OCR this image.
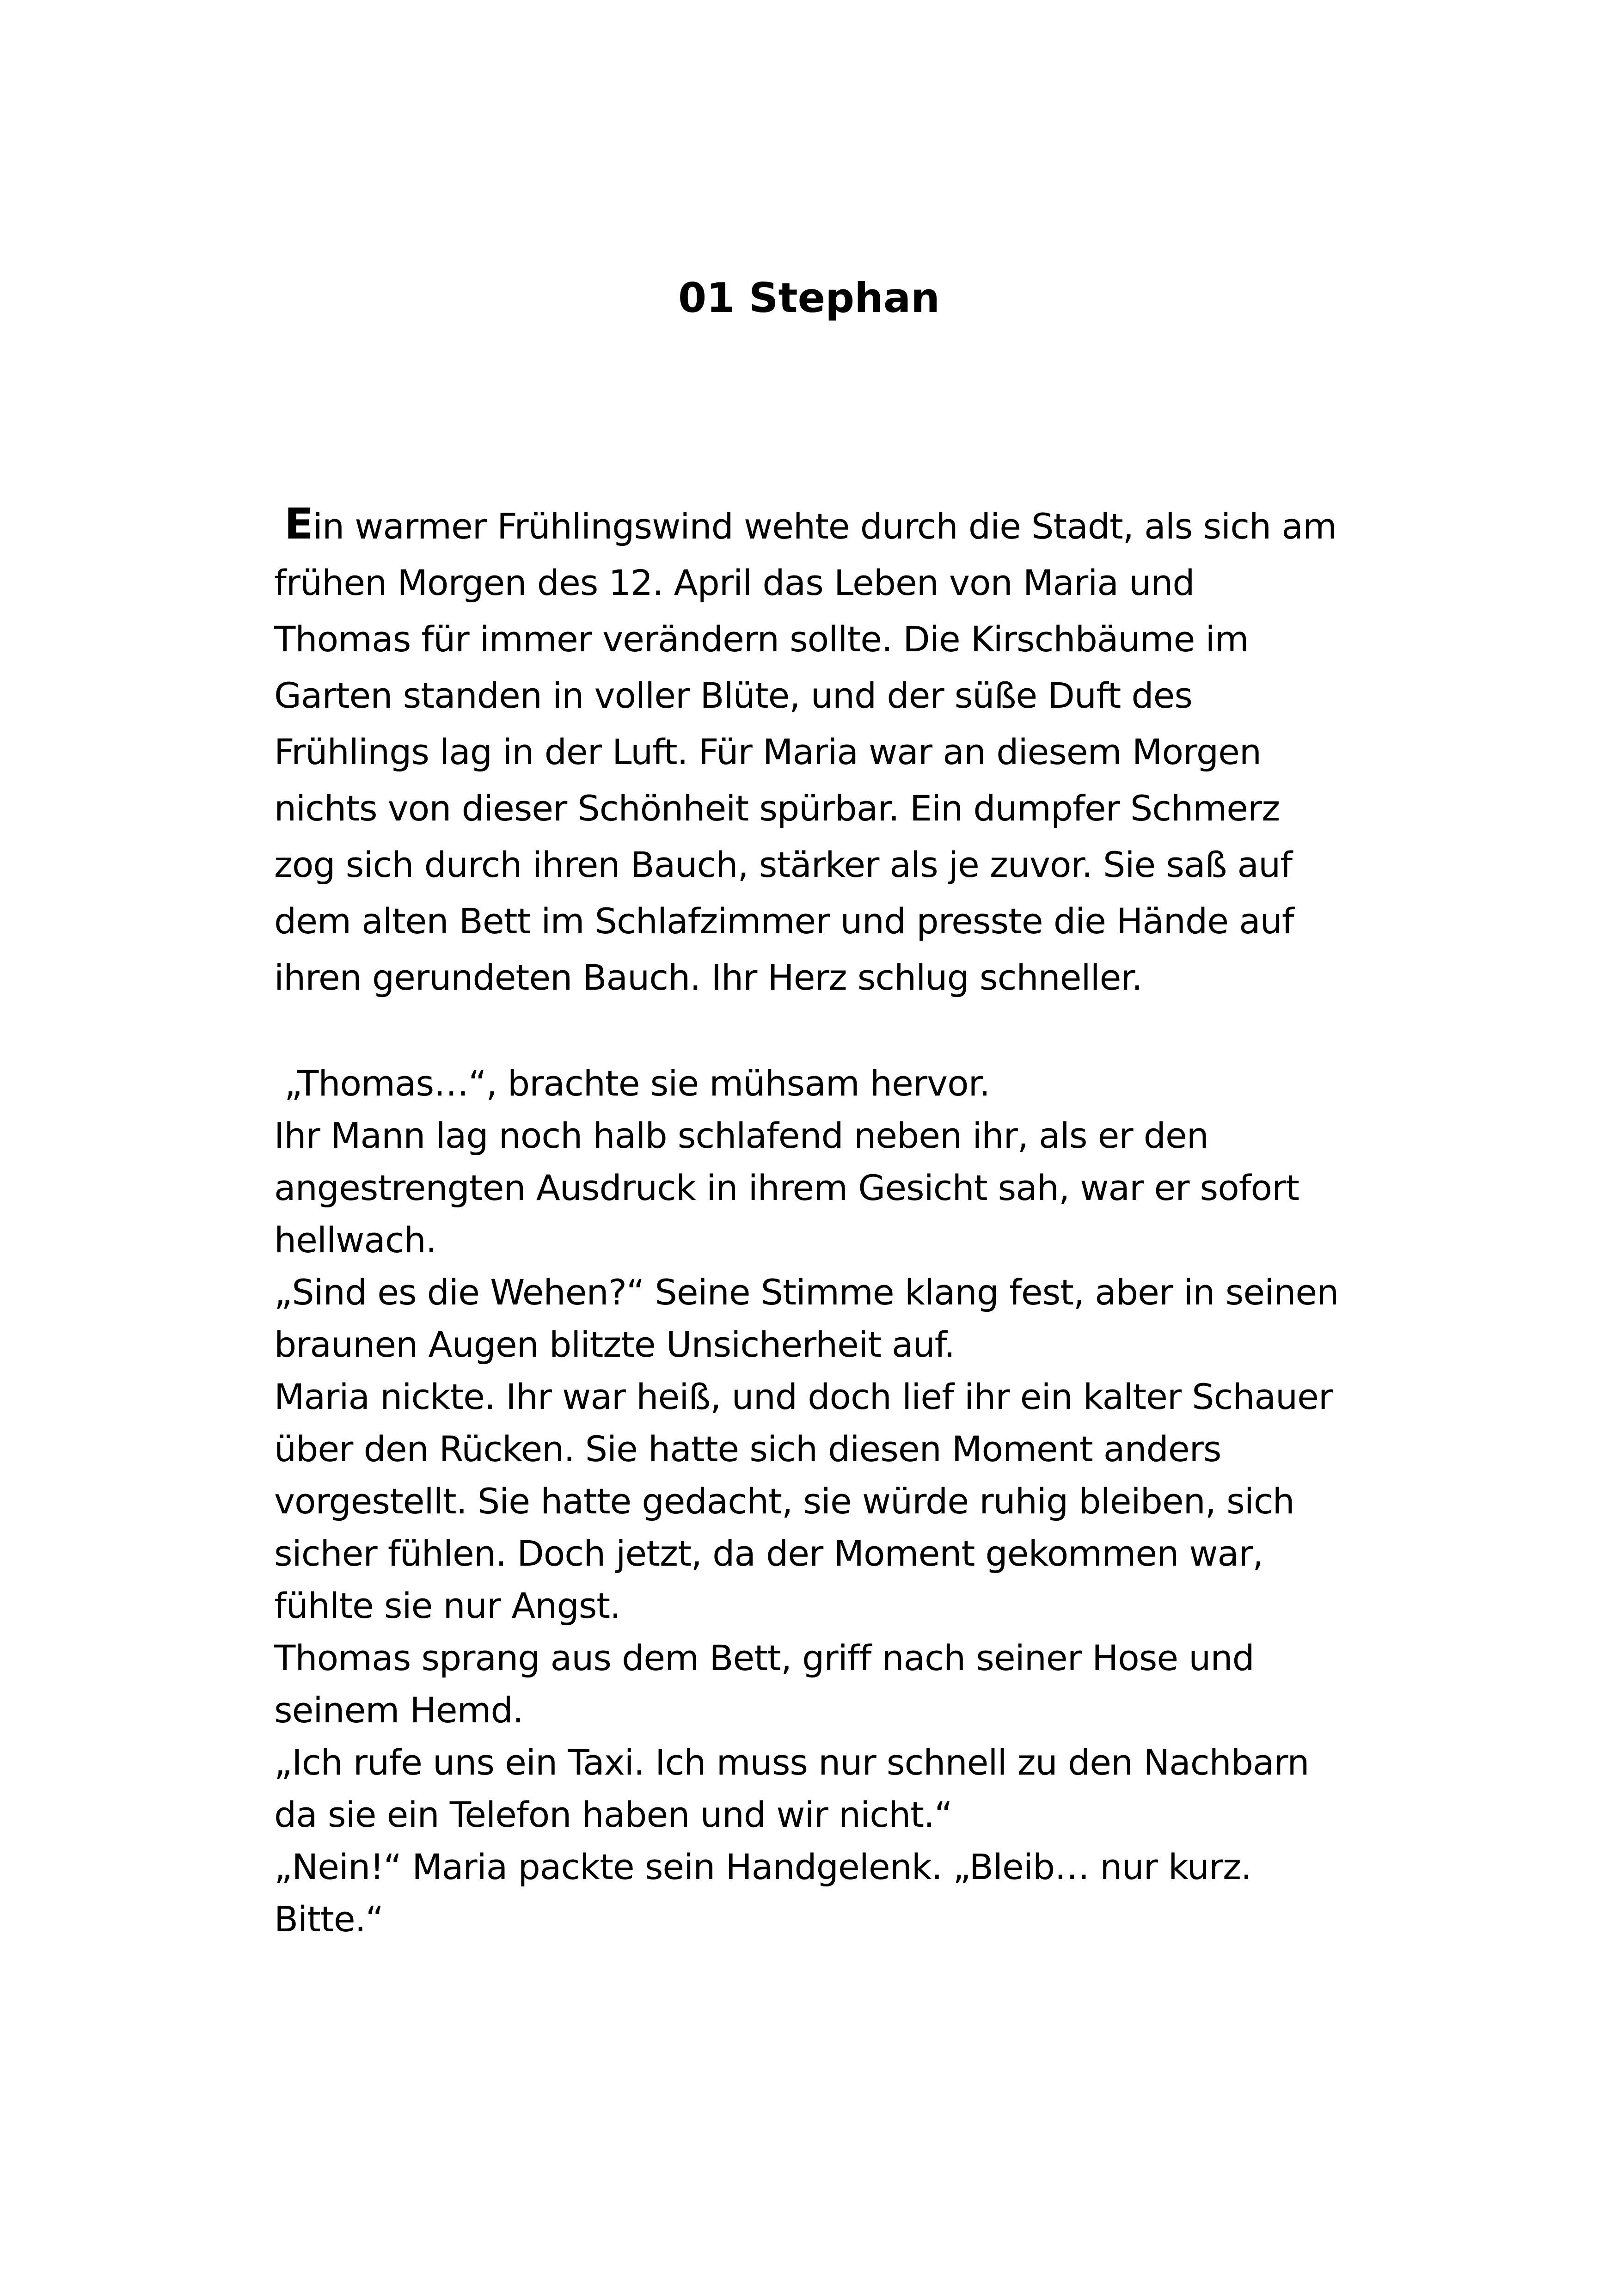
01 Stephan
Ein warmer Frühlingswind wehte durch die Stadt, als sich am
frühen Morgen des 12. April das Leben von Maria und
Thomas für immer verändern sollte. Die Kirschbäume im
Garten standen in voller Blüte, und der süße Duft des
Frühlings lag in der Luft. Für Maria war an diesem Morgen
nichts von dieser Schönheit spürbar. Ein dumpfer Schmerz
zog sich durch ihren Bauch, stärker als je zuvor. Sie saß auf
dem alten Bett im Schlafzimmer und presste die Hände auf
ihren gerundeten Bauch. Ihr Herz schlug schneller.
„Thomas…“, brachte sie mühsam hervor.
Ihr Mann lag noch halb schlafend neben ihr, als er den
angestrengten Ausdruck in ihrem Gesicht sah, war er sofort
hellwach.
„Sind es die Wehen?“ Seine Stimme klang fest, aber in seinen
braunen Augen blitzte Unsicherheit auf.
Maria nickte. Ihr war heiß, und doch lief ihr ein kalter Schauer
über den Rücken. Sie hatte sich diesen Moment anders
vorgestellt. Sie hatte gedacht, sie würde ruhig bleiben, sich
sicher fühlen. Doch jetzt, da der Moment gekommen war,
fühlte sie nur Angst.
Thomas sprang aus dem Bett, griff nach seiner Hose und
seinem Hemd.
„Ich rufe uns ein Taxi. Ich muss nur schnell zu den Nachbarn
da sie ein Telefon haben und wir nicht.“
„Nein!“ Maria packte sein Handgelenk. „Bleib… nur kurz.
Bitte.“
